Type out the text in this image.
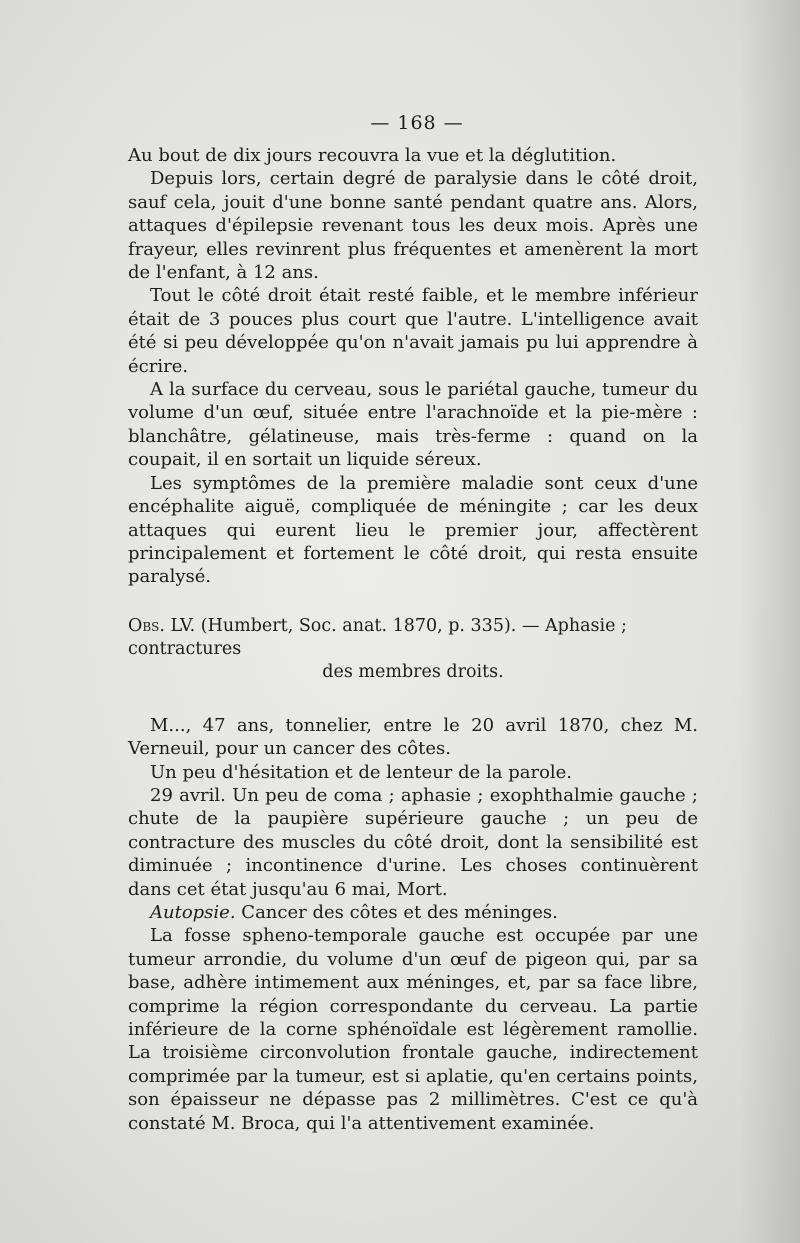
— 168 —

Au bout de dix jours recouvra la vue et la déglutition.

Depuis lors, certain degré de paralysie dans le côté droit, sauf cela, jouit d'une bonne santé pendant quatre ans. Alors, attaques d'épilepsie revenant tous les deux mois. Après une frayeur, elles revinrent plus fréquentes et amenèrent la mort de l'enfant, à 12 ans.

Tout le côté droit était resté faible, et le membre inférieur était de 3 pouces plus court que l'autre. L'intelligence avait été si peu développée qu'on n'avait jamais pu lui apprendre à écrire.

A la surface du cerveau, sous le pariétal gauche, tumeur du volume d'un œuf, située entre l'arachnoïde et la pie-mère : blanchâtre, gélatineuse, mais très-ferme : quand on la coupait, il en sortait un liquide séreux.

Les symptômes de la première maladie sont ceux d'une encéphalite aiguë, compliquée de méningite ; car les deux attaques qui eurent lieu le premier jour, affectèrent principalement et fortement le côté droit, qui resta ensuite paralysé.

Obs. LV. (Humbert, Soc. anat. 1870, p. 335). — Aphasie ; contractures
des membres droits.

M..., 47 ans, tonnelier, entre le 20 avril 1870, chez M. Verneuil, pour un cancer des côtes.

Un peu d'hésitation et de lenteur de la parole.

29 avril. Un peu de coma ; aphasie ; exophthalmie gauche ; chute de la paupière supérieure gauche ; un peu de contracture des muscles du côté droit, dont la sensibilité est diminuée ; incontinence d'urine. Les choses continuèrent dans cet état jusqu'au 6 mai, Mort.

Autopsie. Cancer des côtes et des méninges.

La fosse spheno-temporale gauche est occupée par une tumeur arrondie, du volume d'un œuf de pigeon qui, par sa base, adhère intimement aux méninges, et, par sa face libre, comprime la région correspondante du cerveau. La partie inférieure de la corne sphénoïdale est légèrement ramollie. La troisième circonvolution frontale gauche, indirectement comprimée par la tumeur, est si aplatie, qu'en certains points, son épaisseur ne dépasse pas 2 millimètres. C'est ce qu'à constaté M. Broca, qui l'a attentivement examinée.
